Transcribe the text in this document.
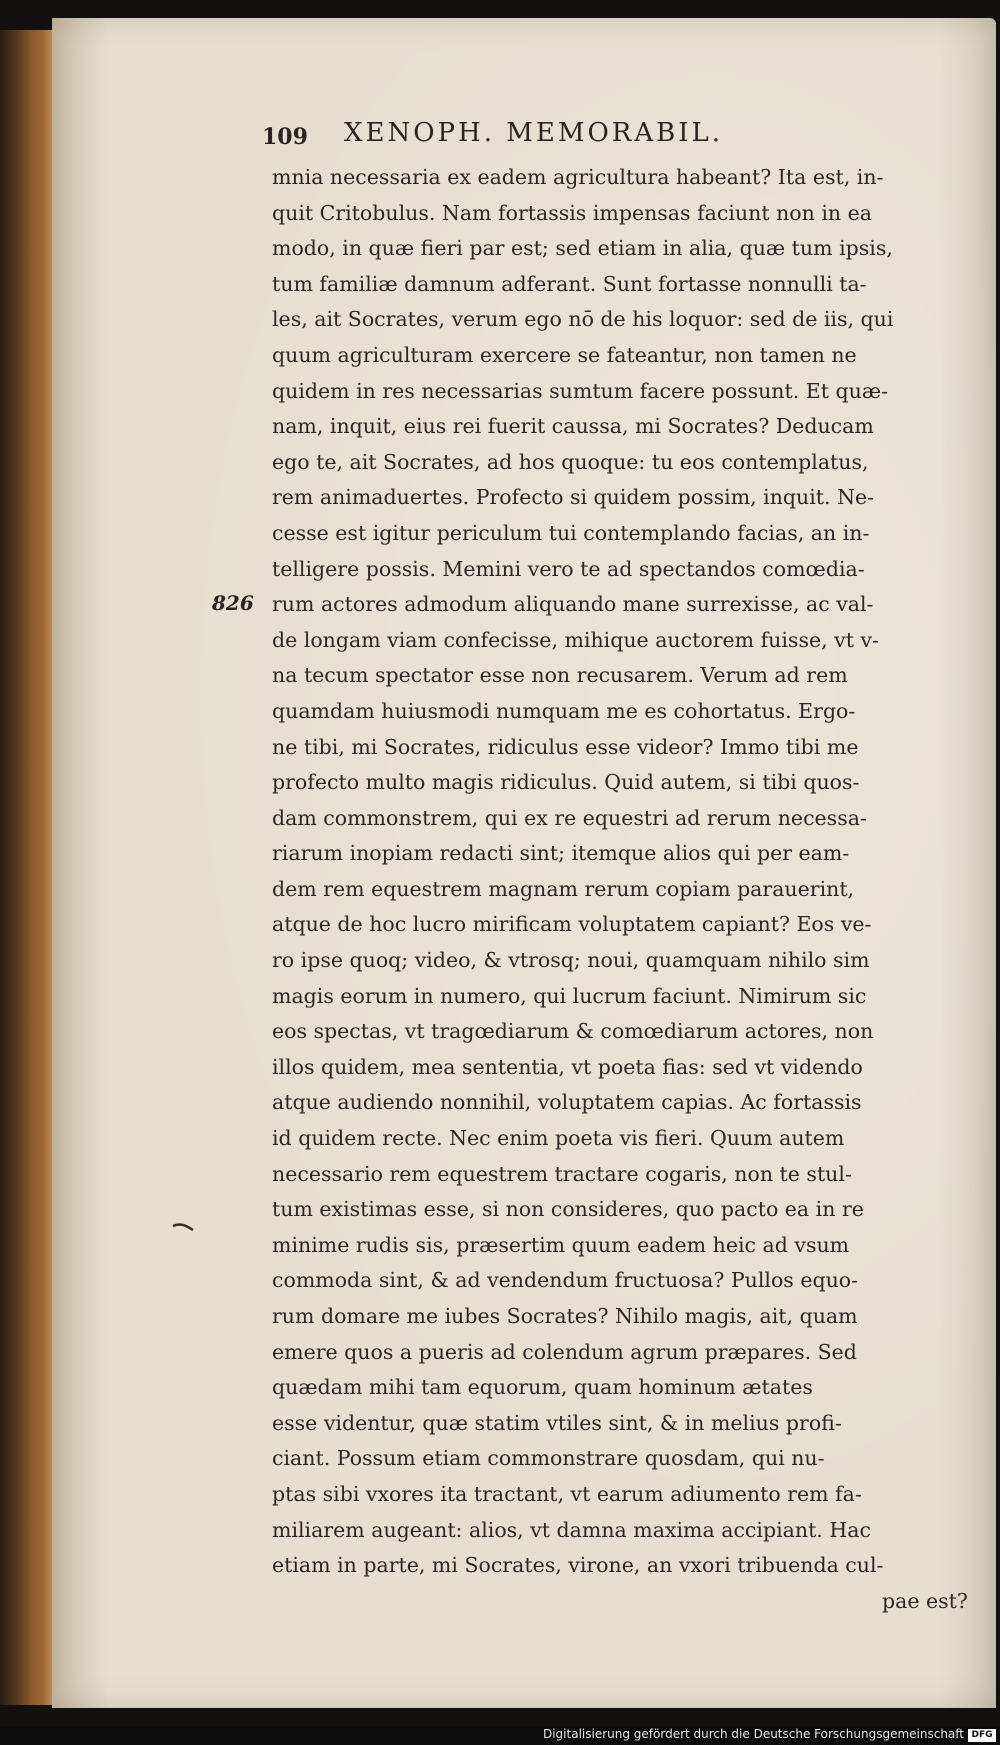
109 XENOPH. MEMORABIL.
826
mnia necessaria ex eadem agricultura habeant? Ita est, in-
quit Critobulus. Nam fortassis impensas faciunt non in ea
modo, in quæ fieri par est; sed etiam in alia, quæ tum ipsis,
tum familiæ damnum adferant. Sunt fortasse nonnulli ta-
les, ait Socrates, verum ego nō de his loquor: sed de iis, qui
quum agriculturam exercere se fateantur, non tamen ne
quidem in res necessarias sumtum facere possunt. Et quæ-
nam, inquit, eius rei fuerit caussa, mi Socrates? Deducam
ego te, ait Socrates, ad hos quoque: tu eos contemplatus,
rem animaduertes. Profecto si quidem possim, inquit. Ne-
cesse est igitur periculum tui contemplando facias, an in-
telligere possis. Memini vero te ad spectandos comœdia-
rum actores admodum aliquando mane surrexisse, ac val-
de longam viam confecisse, mihique auctorem fuisse, vt v-
na tecum spectator esse non recusarem. Verum ad rem
quamdam huiusmodi numquam me es cohortatus. Ergo-
ne tibi, mi Socrates, ridiculus esse videor? Immo tibi me
profecto multo magis ridiculus. Quid autem, si tibi quos-
dam commonstrem, qui ex re equestri ad rerum necessa-
riarum inopiam redacti sint; itemque alios qui per eam-
dem rem equestrem magnam rerum copiam parauerint,
atque de hoc lucro mirificam voluptatem capiant? Eos ve-
ro ipse quoq; video, & vtrosq; noui, quamquam nihilo sim
magis eorum in numero, qui lucrum faciunt. Nimirum sic
eos spectas, vt tragœdiarum & comœdiarum actores, non
illos quidem, mea sententia, vt poeta fias: sed vt videndo
atque audiendo nonnihil, voluptatem capias. Ac fortassis
id quidem recte. Nec enim poeta vis fieri. Quum autem
necessario rem equestrem tractare cogaris, non te stul-
tum existimas esse, si non consideres, quo pacto ea in re
minime rudis sis, præsertim quum eadem heic ad vsum
commoda sint, & ad vendendum fructuosa? Pullos equo-
rum domare me iubes Socrates? Nihilo magis, ait, quam
emere quos a pueris ad colendum agrum præpares. Sed
quædam mihi tam equorum, quam hominum ætates
esse videntur, quæ statim vtiles sint, & in melius profi-
ciant. Possum etiam commonstrare quosdam, qui nu-
ptas sibi vxores ita tractant, vt earum adiumento rem fa-
miliarem augeant: alios, vt damna maxima accipiant. Hac
etiam in parte, mi Socrates, virone, an vxori tribuenda cul-
pae est?
Digitalisierung gefördert durch die Deutsche Forschungsgemeinschaft DFG
